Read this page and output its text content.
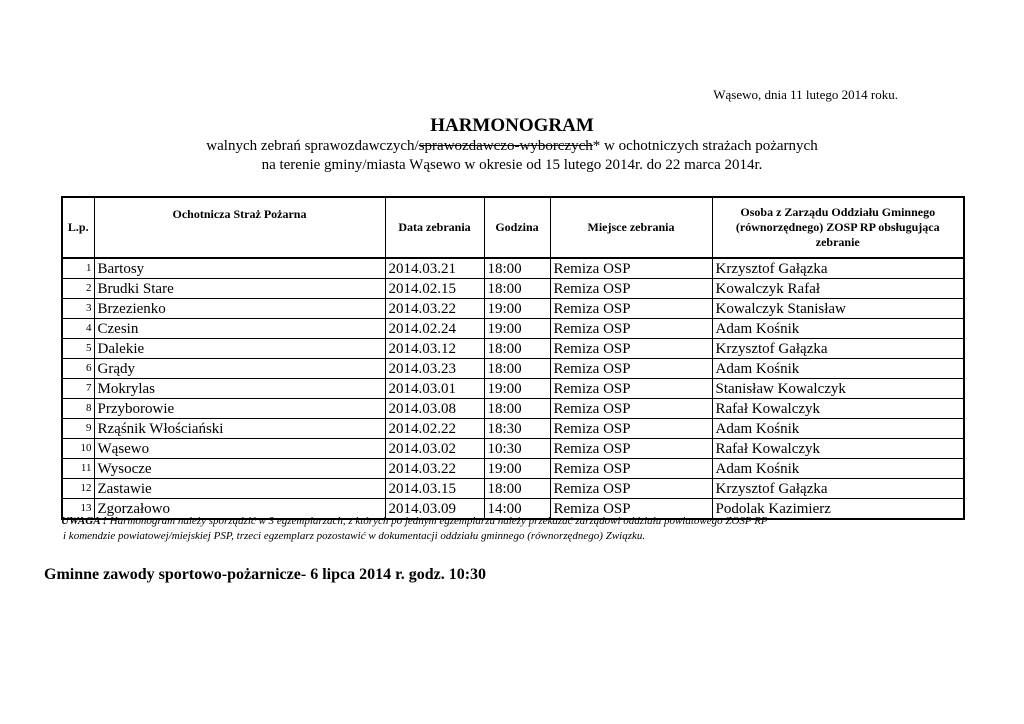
Wąsewo, dnia 11 lutego 2014 roku.
HARMONOGRAM
walnych zebrań sprawozdawczych/sprawozdawczo-wyborczych* w ochotniczych strażach pożarnych
na terenie gminy/miasta Wąsewo w okresie od 15 lutego 2014r. do 22 marca 2014r.
L.p.	Ochotnicza Straż Pożarna	Data zebrania	Godzina	Miejsce zebrania	Osoba z Zarządu Oddziału Gminnego (równorzędnego) ZOSP RP obsługująca zebranie
1	Bartosy	2014.03.21	18:00	Remiza OSP	Krzysztof Gałązka
2	Brudki Stare	2014.02.15	18:00	Remiza OSP	Kowalczyk Rafał
3	Brzezienko	2014.03.22	19:00	Remiza OSP	Kowalczyk Stanisław
4	Czesin	2014.02.24	19:00	Remiza OSP	Adam Kośnik
5	Dalekie	2014.03.12	18:00	Remiza OSP	Krzysztof Gałązka
6	Grądy	2014.03.23	18:00	Remiza OSP	Adam Kośnik
7	Mokrylas	2014.03.01	19:00	Remiza OSP	Stanisław Kowalczyk
8	Przyborowie	2014.03.08	18:00	Remiza OSP	Rafał Kowalczyk
9	Rząśnik Włościański	2014.02.22	18:30	Remiza OSP	Adam Kośnik
10	Wąsewo	2014.03.02	10:30	Remiza OSP	Rafał Kowalczyk
11	Wysocze	2014.03.22	19:00	Remiza OSP	Adam Kośnik
12	Zastawie	2014.03.15	18:00	Remiza OSP	Krzysztof Gałązka
13	Zgorzałowo	2014.03.09	14:00	Remiza OSP	Podolak Kazimierz
UWAGA ! Harmonogram należy sporządzić w 3 egzemplarzach, z których po jednym egzemplarzu należy przekazać zarządowi oddziału powiatowego ZOSP RP
i komendzie powiatowej/miejskiej PSP, trzeci egzemplarz pozostawić w dokumentacji oddziału gminnego (równorzędnego) Związku.
Gminne zawody sportowo-pożarnicze- 6 lipca 2014 r. godz. 10:30
